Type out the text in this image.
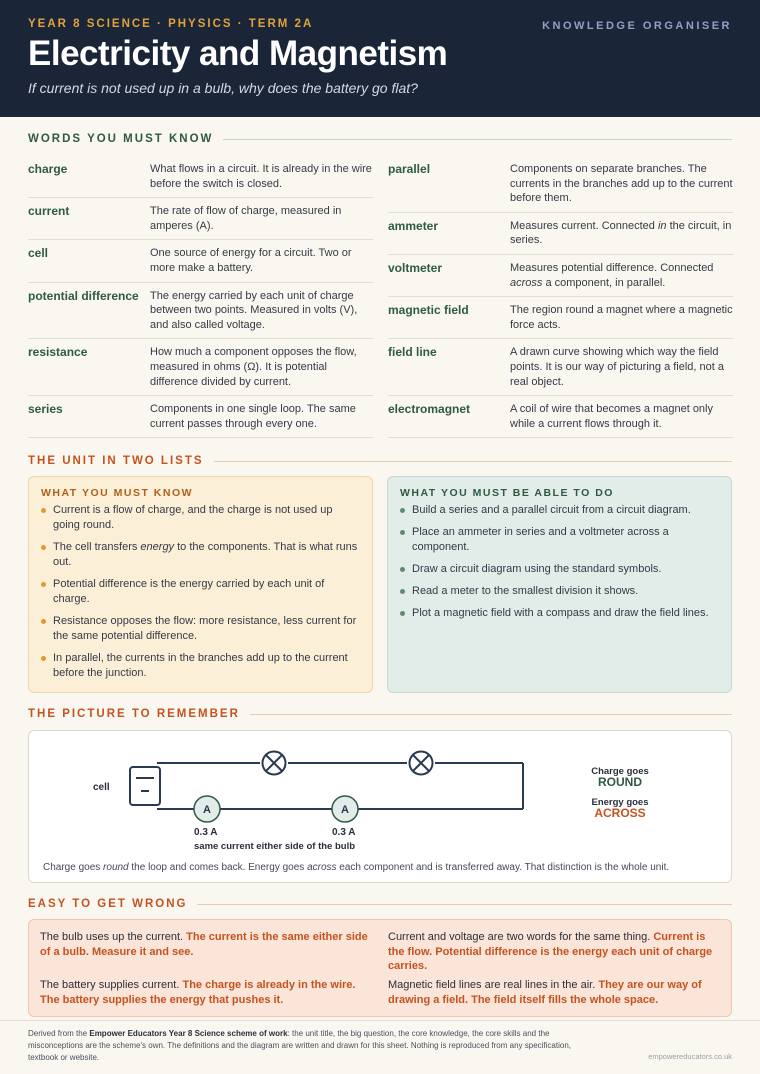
YEAR 8 SCIENCE · PHYSICS · TERM 2A	KNOWLEDGE ORGANISER
Electricity and Magnetism
If current is not used up in a bulb, why does the battery go flat?
WORDS YOU MUST KNOW
charge	What flows in a circuit. It is already in the wire before the switch is closed.
current	The rate of flow of charge, measured in amperes (A).
cell	One source of energy for a circuit. Two or more make a battery.
potential difference	The energy carried by each unit of charge between two points. Measured in volts (V), and also called voltage.
resistance	How much a component opposes the flow, measured in ohms (Ω). It is potential difference divided by current.
series	Components in one single loop. The same current passes through every one.
parallel	Components on separate branches. The currents in the branches add up to the current before them.
ammeter	Measures current. Connected in the circuit, in series.
voltmeter	Measures potential difference. Connected across a component, in parallel.
magnetic field	The region round a magnet where a magnetic force acts.
field line	A drawn curve showing which way the field points. It is our way of picturing a field, not a real object.
electromagnet	A coil of wire that becomes a magnet only while a current flows through it.
THE UNIT IN TWO LISTS
WHAT YOU MUST KNOW
Current is a flow of charge, and the charge is not used up going round.
The cell transfers energy to the components. That is what runs out.
Potential difference is the energy carried by each unit of charge.
Resistance opposes the flow: more resistance, less current for the same potential difference.
In parallel, the currents in the branches add up to the current before the junction.
WHAT YOU MUST BE ABLE TO DO
Build a series and a parallel circuit from a circuit diagram.
Place an ammeter in series and a voltmeter across a component.
Draw a circuit diagram using the standard symbols.
Read a meter to the smallest division it shows.
Plot a magnetic field with a compass and draw the field lines.
THE PICTURE TO REMEMBER
A	A
cell
0.3 A	0.3 A
same current either side of the bulb
Charge goes
ROUND
Energy goes
ACROSS
Charge goes round the loop and comes back. Energy goes across each component and is transferred away. That distinction is the whole unit.
EASY TO GET WRONG
The bulb uses up the current. The current is the same either side of a bulb. Measure it and see.
Current and voltage are two words for the same thing. Current is the flow. Potential difference is the energy each unit of charge carries.
The battery supplies current. The charge is already in the wire. The battery supplies the energy that pushes it.
Magnetic field lines are real lines in the air. They are our way of drawing a field. The field itself fills the whole space.
Derived from the Empower Educators Year 8 Science scheme of work: the unit title, the big question, the core knowledge, the core skills and the misconceptions are the scheme's own. The definitions and the diagram are written and drawn for this sheet. Nothing is reproduced from any specification, textbook or website.	empowereducators.co.uk
